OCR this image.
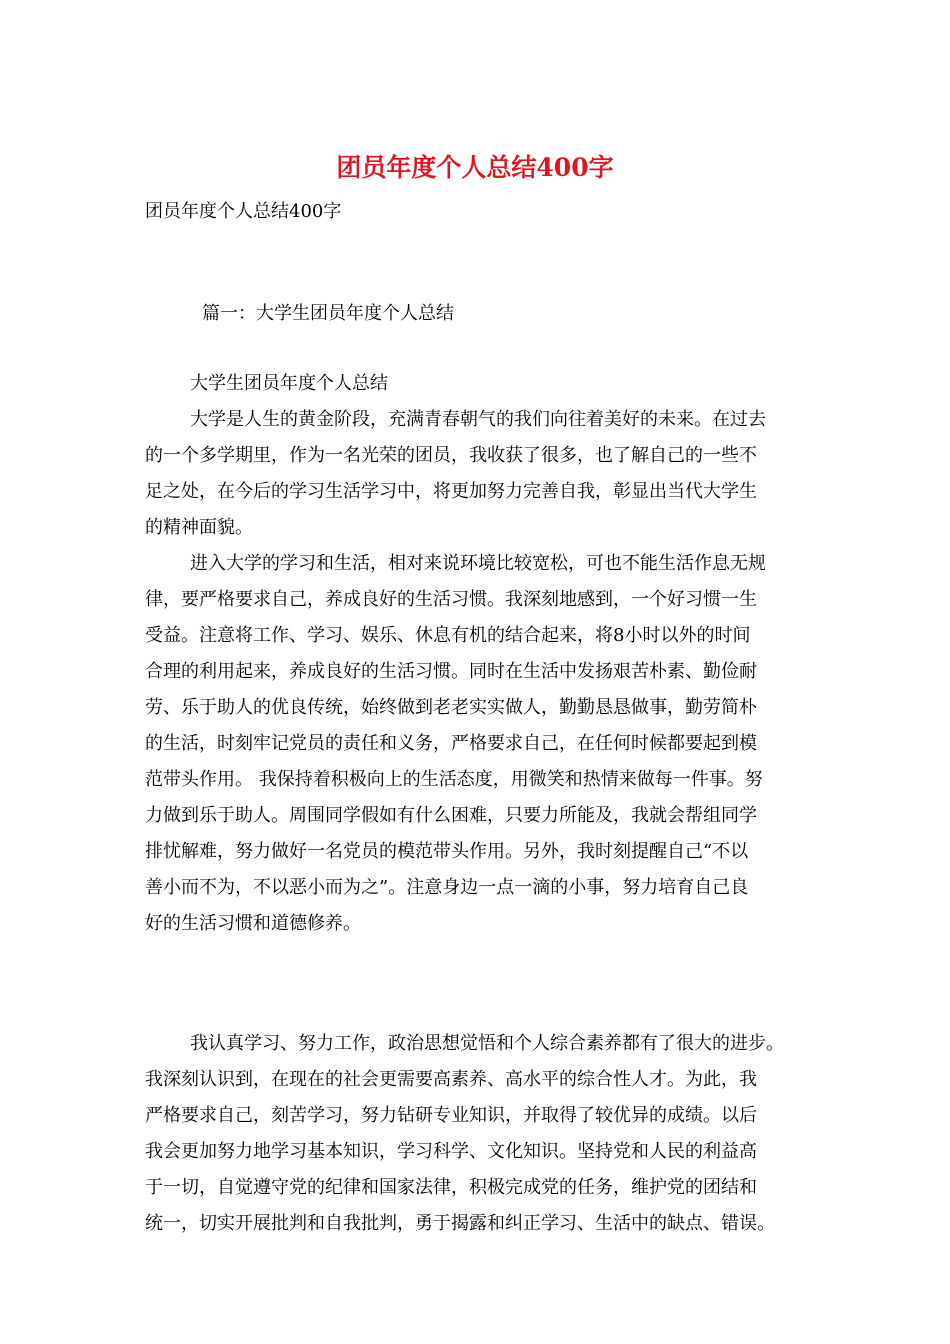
团员年度个人总结400字
团员年度个人总结400字
篇一：大学生团员年度个人总结
大学生团员年度个人总结
大学是人生的黄金阶段，充满青春朝气的我们向往着美好的未来。在过去
的一个多学期里，作为一名光荣的团员，我收获了很多，也了解自己的一些不
足之处，在今后的学习生活学习中，将更加努力完善自我，彰显出当代大学生
的精神面貌。
进入大学的学习和生活，相对来说环境比较宽松，可也不能生活作息无规
律，要严格要求自己，养成良好的生活习惯。我深刻地感到，一个好习惯一生
受益。注意将工作、学习、娱乐、休息有机的结合起来，将8小时以外的时间
合理的利用起来，养成良好的生活习惯。同时在生活中发扬艰苦朴素、勤俭耐
劳、乐于助人的优良传统，始终做到老老实实做人，勤勤恳恳做事，勤劳简朴
的生活，时刻牢记党员的责任和义务，严格要求自己，在任何时候都要起到模
范带头作用。 我保持着积极向上的生活态度，用微笑和热情来做每一件事。努
力做到乐于助人。周围同学假如有什么困难，只要力所能及，我就会帮组同学
排忧解难，努力做好一名党员的模范带头作用。另外，我时刻提醒自己“不以
善小而不为，不以恶小而为之”。注意身边一点一滴的小事，努力培育自己良
好的生活习惯和道德修养。
我认真学习、努力工作，政治思想觉悟和个人综合素养都有了很大的进步。
我深刻认识到，在现在的社会更需要高素养、高水平的综合性人才。为此，我
严格要求自己，刻苦学习，努力钻研专业知识，并取得了较优异的成绩。以后
我会更加努力地学习基本知识，学习科学、文化知识。坚持党和人民的利益高
于一切，自觉遵守党的纪律和国家法律，积极完成党的任务，维护党的团结和
统一，切实开展批判和自我批判，勇于揭露和纠正学习、生活中的缺点、错误。
